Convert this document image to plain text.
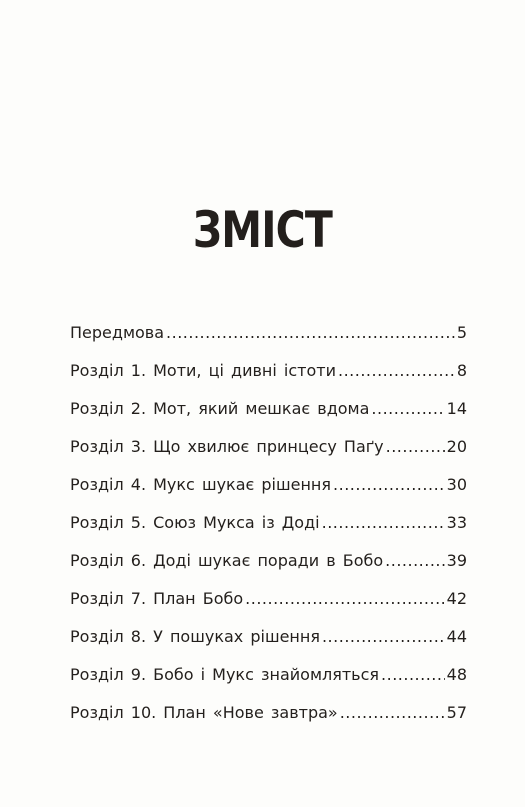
ЗМІСТ
Передмова .....	5
Розділ 1. Моти, ці дивні істоти .....	8
Розділ 2. Мот, який мешкає вдома .....	14
Розділ 3. Що хвилює принцесу Паґу .....	20
Розділ 4. Мукс шукає рішення .....	30
Розділ 5. Союз Мукса із Доді .....	33
Розділ 6. Доді шукає поради в Бобо .....	39
Розділ 7. План Бобо .....	42
Розділ 8. У пошуках рішення .....	44
Розділ 9. Бобо і Мукс знайомляться .....	48
Розділ 10. План «Нове завтра» .....	57
